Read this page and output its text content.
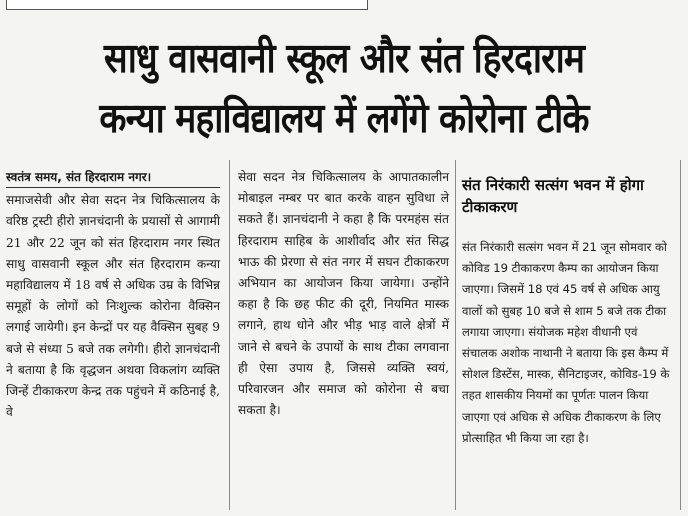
साधु वासवानी स्कूल और संत हिरदाराम
कन्या महाविद्यालय में लगेंगे कोरोना टीके
स्वतंत्र समय, संत हिरदाराम नगर।
समाजसेवी और सेवा सदन नेत्र चिकित्सालय के वरिष्ठ ट्रस्टी हीरो ज्ञानचंदानी के प्रयासों से आगामी 21 और 22 जून को संत हिरदाराम नगर स्थित साधु वासवानी स्कूल और संत हिरदाराम कन्या महाविद्यालय में 18 वर्ष से अधिक उम्र के विभिन्न समूहों के लोगों को निःशुल्क कोरोना वैक्सिन लगाई जायेगी। इन केन्द्रों पर यह वैक्सिन सुबह 9 बजे से संध्या 5 बजे तक लगेगी। हीरो ज्ञानचंदानी ने बताया है कि वृद्धजन अथवा विकलांग व्यक्ति जिन्हें टीकाकरण केन्द्र तक पहुंचने में कठिनाई है, वे
सेवा सदन नेत्र चिकित्सालय के आपातकालीन मोबाइल नम्बर पर बात करके वाहन सुविधा ले सकते हैं। ज्ञानचंदानी ने कहा है कि परमहंस संत हिरदाराम साहिब के आशीर्वाद और संत सिद्ध भाऊ की प्रेरणा से संत नगर में सघन टीकाकरण अभियान का आयोजन किया जायेगा। उन्होंने कहा है कि छह फीट की दूरी, नियमित मास्क लगाने, हाथ धोने और भीड़ भाड़ वाले क्षेत्रों में जाने से बचने के उपायों के साथ टीका लगवाना ही ऐसा उपाय है, जिससे व्यक्ति स्वयं, परिवारजन और समाज को कोरोना से बचा सकता है।
संत निरंकारी सत्संग भवन में होगा टीकाकरण
संत निरंकारी सत्संग भवन में 21 जून सोमवार को कोविड 19 टीकाकरण कैम्प का आयोजन किया जाएगा। जिसमें 18 एवं 45 वर्ष से अधिक आयु वालों को सुबह 10 बजे से शाम 5 बजे तक टीका लगाया जाएगा। संयोजक महेश वीधानी एवं संचालक अशोक नाथानी ने बताया कि इस कैम्प में सोशल डिस्टेंस, मास्क, सैनिटाइजर, कोविड-19 के तहत शासकीय नियमों का पूर्णतः पालन किया जाएगा एवं अधिक से अधिक टीकाकरण के लिए प्रोत्साहित भी किया जा रहा है।
